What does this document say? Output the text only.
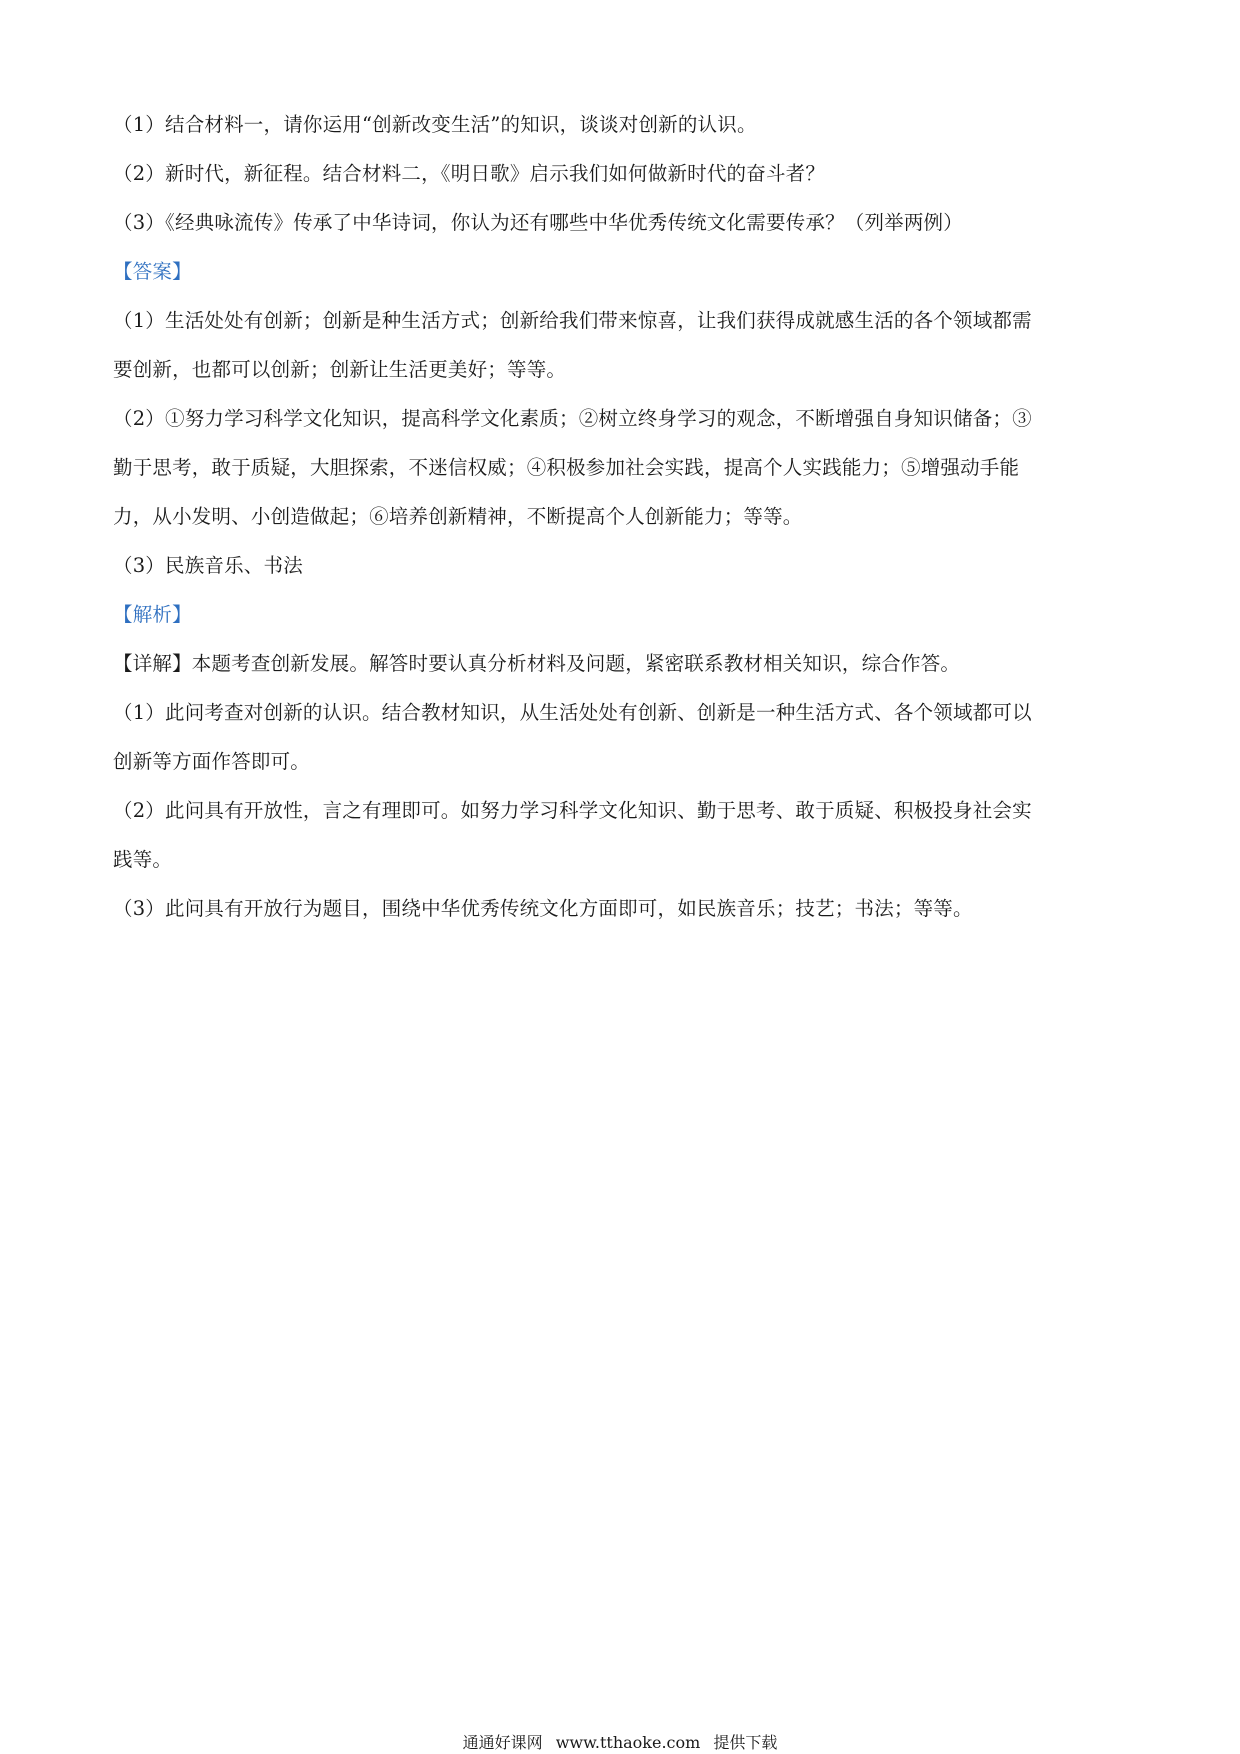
（1）结合材料一，请你运用“创新改变生活”的知识，谈谈对创新的认识。

（2）新时代，新征程。结合材料二，《明日歌》启示我们如何做新时代的奋斗者？

（3）《经典咏流传》传承了中华诗词，你认为还有哪些中华优秀传统文化需要传承？（列举两例）

【答案】

（1）生活处处有创新；创新是种生活方式；创新给我们带来惊喜，让我们获得成就感生活的各个领域都需

要创新，也都可以创新；创新让生活更美好；等等。

（2）①努力学习科学文化知识，提高科学文化素质；②树立终身学习的观念，不断增强自身知识储备；③

勤于思考，敢于质疑，大胆探索，不迷信权威；④积极参加社会实践，提高个人实践能力；⑤增强动手能

力，从小发明、小创造做起；⑥培养创新精神，不断提高个人创新能力；等等。

（3）民族音乐、书法

【解析】

【详解】本题考查创新发展。解答时要认真分析材料及问题，紧密联系教材相关知识，综合作答。

（1）此问考查对创新的认识。结合教材知识，从生活处处有创新、创新是一种生活方式、各个领域都可以

创新等方面作答即可。

（2）此问具有开放性，言之有理即可。如努力学习科学文化知识、勤于思考、敢于质疑、积极投身社会实

践等。

（3）此问具有开放行为题目，围绕中华优秀传统文化方面即可，如民族音乐；技艺；书法；等等。

通通好课网 www.tthaoke.com 提供下载
